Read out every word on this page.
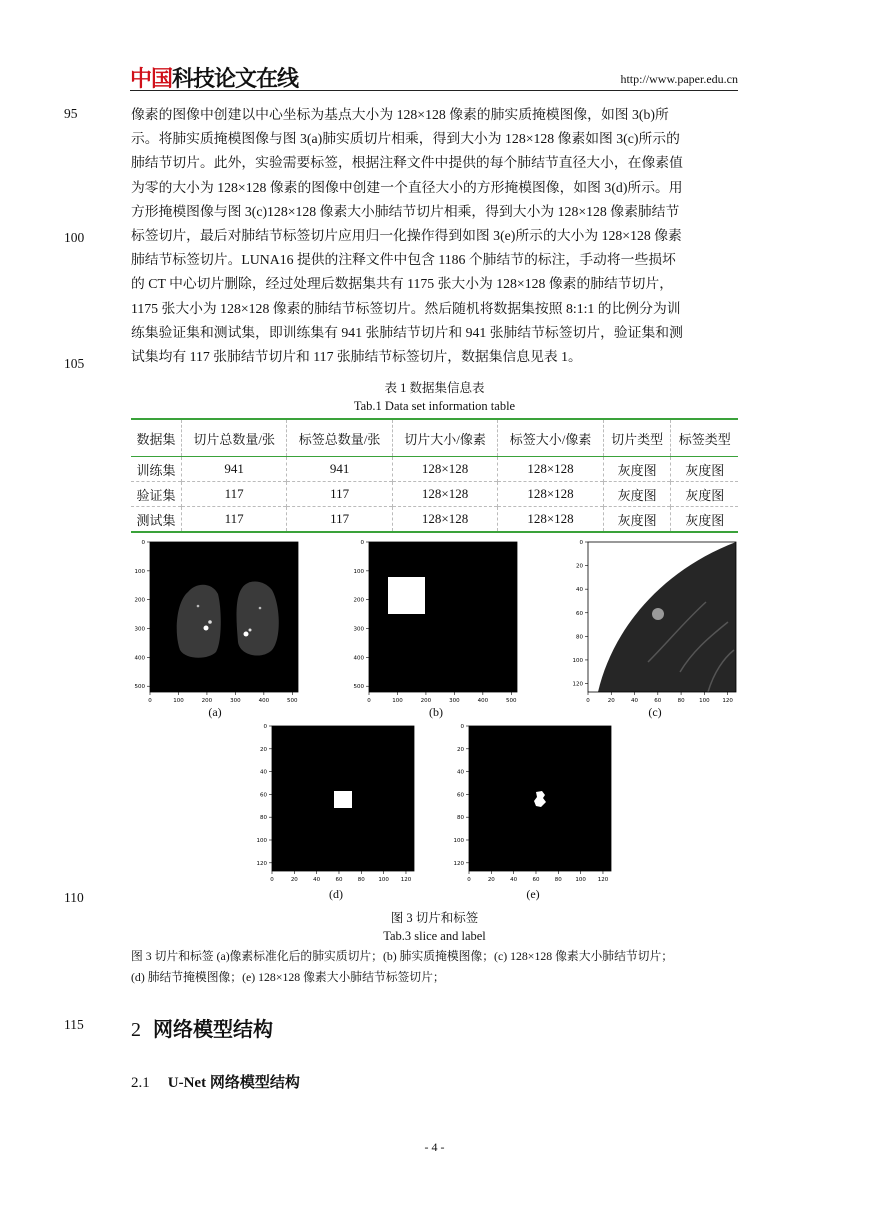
中国 科技论文在线	http://www.paper.edu.cn
95
100
105
110
115

像素的图像中创建以中心坐标为基点大小为 128×128 像素的肺实质掩模图像，如图 3(b)所

示。将肺实质掩模图像与图 3(a)肺实质切片相乘，得到大小为 128×128 像素如图 3(c)所示的

肺结节切片。此外，实验需要标签，根据注释文件中提供的每个肺结节直径大小，在像素值

为零的大小为 128×128 像素的图像中创建一个直径大小的方形掩模图像，如图 3(d)所示。用

方形掩模图像与图 3(c)128×128 像素大小肺结节切片相乘，得到大小为 128×128 像素肺结节

标签切片，最后对肺结节标签切片应用归一化操作得到如图 3(e)所示的大小为 128×128 像素

肺结节标签切片。LUNA16 提供的注释文件中包含 1186 个肺结节的标注，手动将一些损坏

的 CT 中心切片删除，经过处理后数据集共有 1175 张大小为 128×128 像素的肺结节切片，

1175 张大小为 128×128 像素的肺结节标签切片。然后随机将数据集按照 8:1:1 的比例分为训

练集验证集和测试集，即训练集有 941 张肺结节切片和 941 张肺结节标签切片，验证集和测

试集均有 117 张肺结节切片和 117 张肺结节标签切片，数据集信息见表 1。

表 1 数据集信息表
Tab.1 Data set information table
数据集	切片总数量/张	标签总数量/张	切片大小/像素	标签大小/像素	切片类型	标签类型
训练集	941	941	128×128	128×128	灰度图	灰度图
验证集	117	117	128×128	128×128	灰度图	灰度图
测试集	117	117	128×128	128×128	灰度图	灰度图
0	100	200	300	400	500
0
100
200
300
400
500
(a)
0	100	200	300	400	500
0
100
200
300
400
500
(b)
0	20	40	60	80	100 120
0
20
40
60
80
100
120
(c)
0	20	40	60	80 100 120
0
20
40
60
80
100
120
(d)
0	20	40	60	80 100 120
0
20
40
60
80
100
120
(e)
图 3 切片和标签
Tab.3 slice and label
图 3 切片和标签 (a)像素标准化后的肺实质切片；(b) 肺实质掩模图像；(c) 128×128 像素大小肺结节切片；
(d) 肺结节掩模图像；(e) 128×128 像素大小肺结节标签切片；
2 网络模型结构
2.1 U-Net 网络模型结构
- 4 -
